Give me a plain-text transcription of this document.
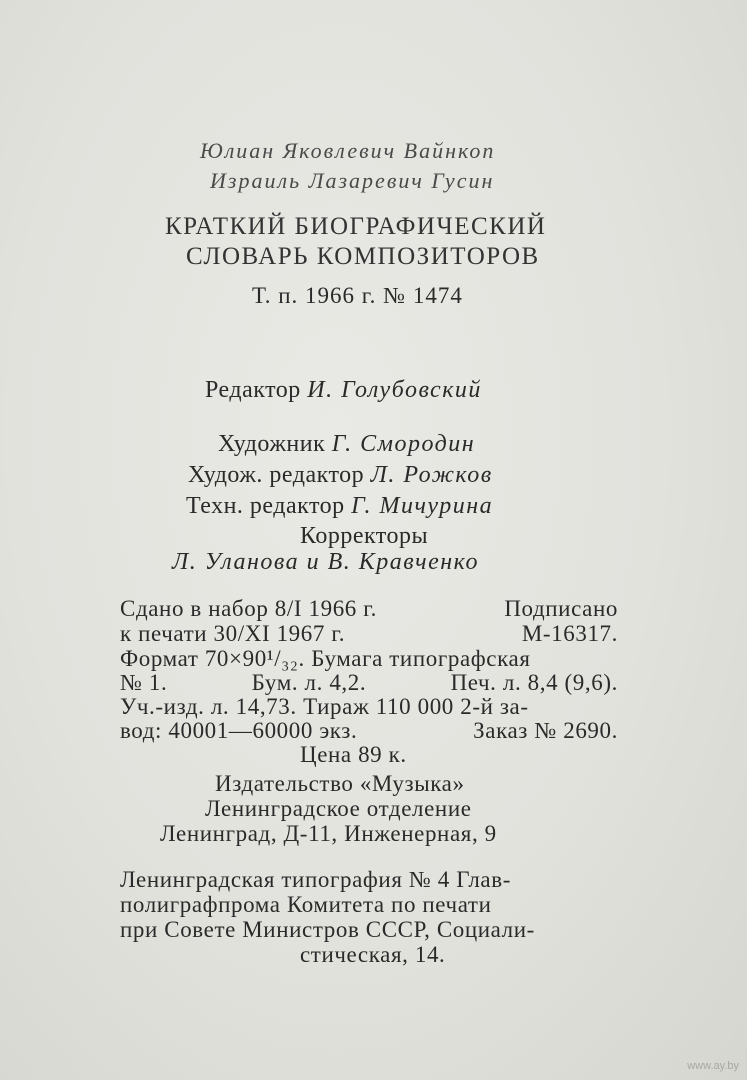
Юлиан Яковлевич Вайнкоп
Израиль Лазаревич Гусин
КРАТКИЙ БИОГРАФИЧЕСКИЙ
СЛОВАРЬ КОМПОЗИТОРОВ
Т. п. 1966 г. № 1474
Редактор И. Голубовский
Художник Г. Смородин
Худож. редактор Л. Рожков
Техн. редактор Г. Мичурина
Корректоры
Л. Уланова и В. Кравченко
Сдано в набор 8/I 1966 г.	Подписано
к печати 30/XI 1967 г.	М-16317.
Формат 70×90¹/₃₂. Бумага типографская
№ 1.	Бум. л. 4,2.	Печ. л. 8,4 (9,6).
Уч.-изд. л. 14,73. Тираж 110 000 2-й за-
вод: 40001—60000 экз.	Заказ № 2690.
Цена 89 к.
Издательство «Музыка»
Ленинградское отделение
Ленинград, Д-11, Инженерная, 9
Ленинградская типография № 4 Глав-
полиграфпрома Комитета по печати
при Совете Министров СССР, Социали-
стическая, 14.
www.ay.by
